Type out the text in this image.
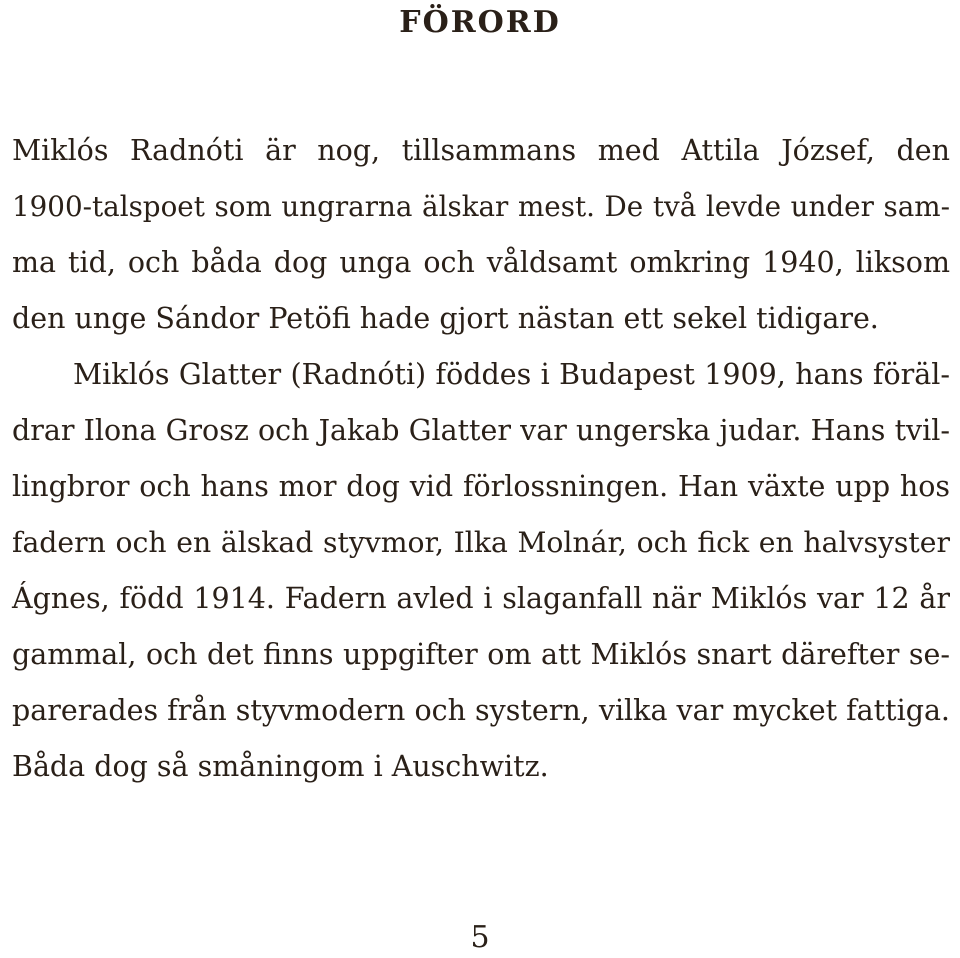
FÖRORD

Miklós Radnóti är nog, tillsammans med Attila József, den

1900-talspoet som ungrarna älskar mest. De två levde under sam-

ma tid, och båda dog unga och våldsamt omkring 1940, liksom

den unge Sándor Petöfi hade gjort nästan ett sekel tidigare.

Miklós Glatter (Radnóti) föddes i Budapest 1909, hans föräl-

drar Ilona Grosz och Jakab Glatter var ungerska judar. Hans tvil-

lingbror och hans mor dog vid förlossningen. Han växte upp hos

fadern och en älskad styvmor, Ilka Molnár, och fick en halvsyster

Ágnes, född 1914. Fadern avled i slaganfall när Miklós var 12 år

gammal, och det finns uppgifter om att Miklós snart därefter se-

parerades från styvmodern och systern, vilka var mycket fattiga.

Båda dog så småningom i Auschwitz.

5
